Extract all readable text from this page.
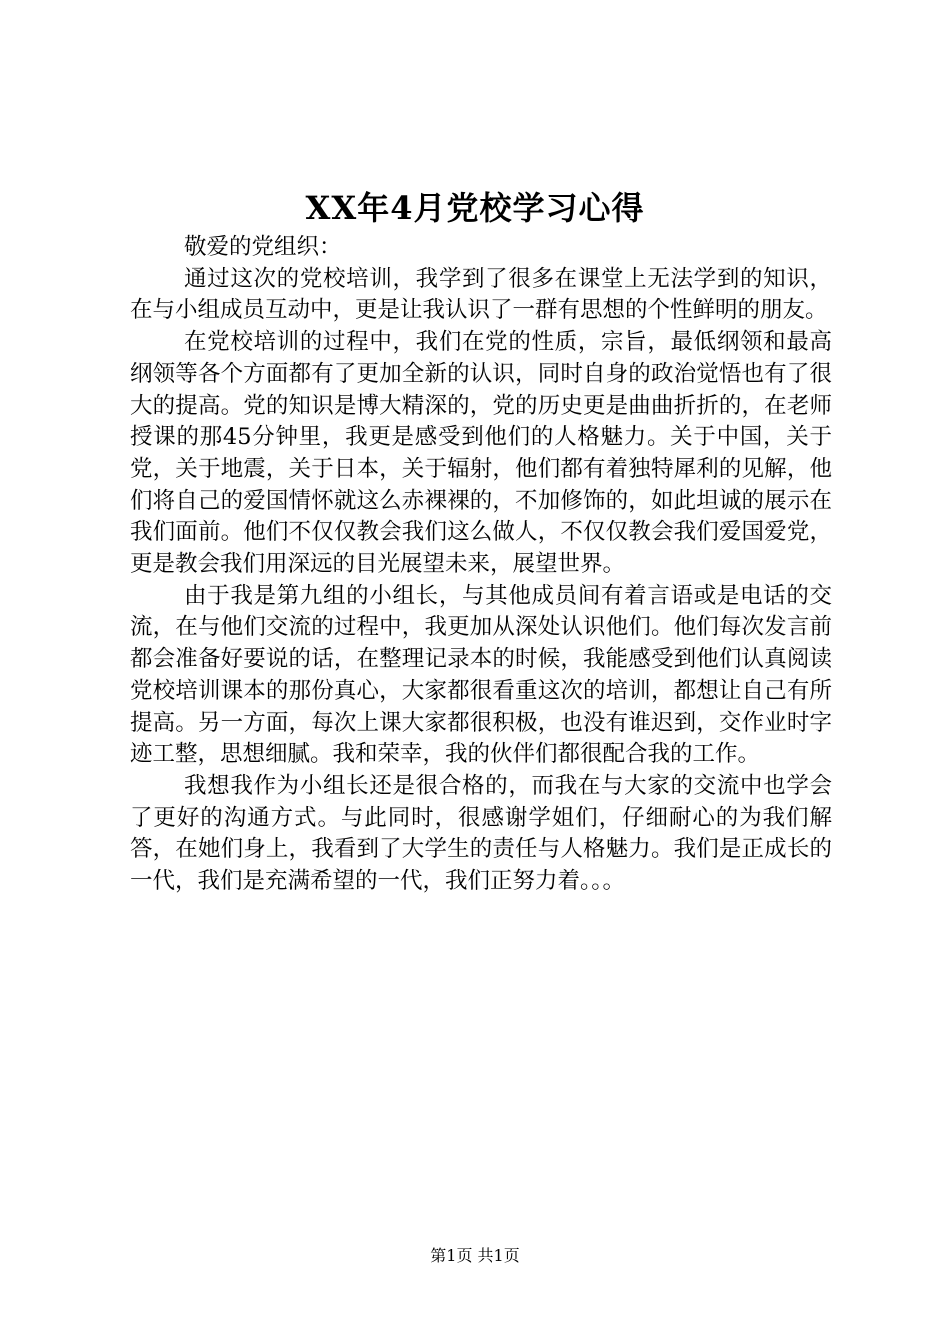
XX年4月党校学习心得

敬爱的党组织：

通过这次的党校培训，我学到了很多在课堂上无法学到的知识，在与小组成员互动中，更是让我认识了一群有思想的个性鲜明的朋友。

在党校培训的过程中，我们在党的性质，宗旨，最低纲领和最高纲领等各个方面都有了更加全新的认识，同时自身的政治觉悟也有了很大的提高。党的知识是博大精深的，党的历史更是曲曲折折的，在老师授课的那45分钟里，我更是感受到他们的人格魅力。关于中国，关于党，关于地震，关于日本，关于辐射，他们都有着独特犀利的见解，他们将自己的爱国情怀就这么赤裸裸的，不加修饰的，如此坦诚的展示在我们面前。他们不仅仅教会我们这么做人，不仅仅教会我们爱国爱党，更是教会我们用深远的目光展望未来，展望世界。

由于我是第九组的小组长，与其他成员间有着言语或是电话的交流，在与他们交流的过程中，我更加从深处认识他们。他们每次发言前都会准备好要说的话，在整理记录本的时候，我能感受到他们认真阅读党校培训课本的那份真心，大家都很看重这次的培训，都想让自己有所提高。另一方面，每次上课大家都很积极，也没有谁迟到，交作业时字迹工整，思想细腻。我和荣幸，我的伙伴们都很配合我的工作。

我想我作为小组长还是很合格的，而我在与大家的交流中也学会了更好的沟通方式。与此同时，很感谢学姐们，仔细耐心的为我们解答，在她们身上，我看到了大学生的责任与人格魅力。我们是正成长的一代，我们是充满希望的一代，我们正努力着。。。

第1页 共1页
